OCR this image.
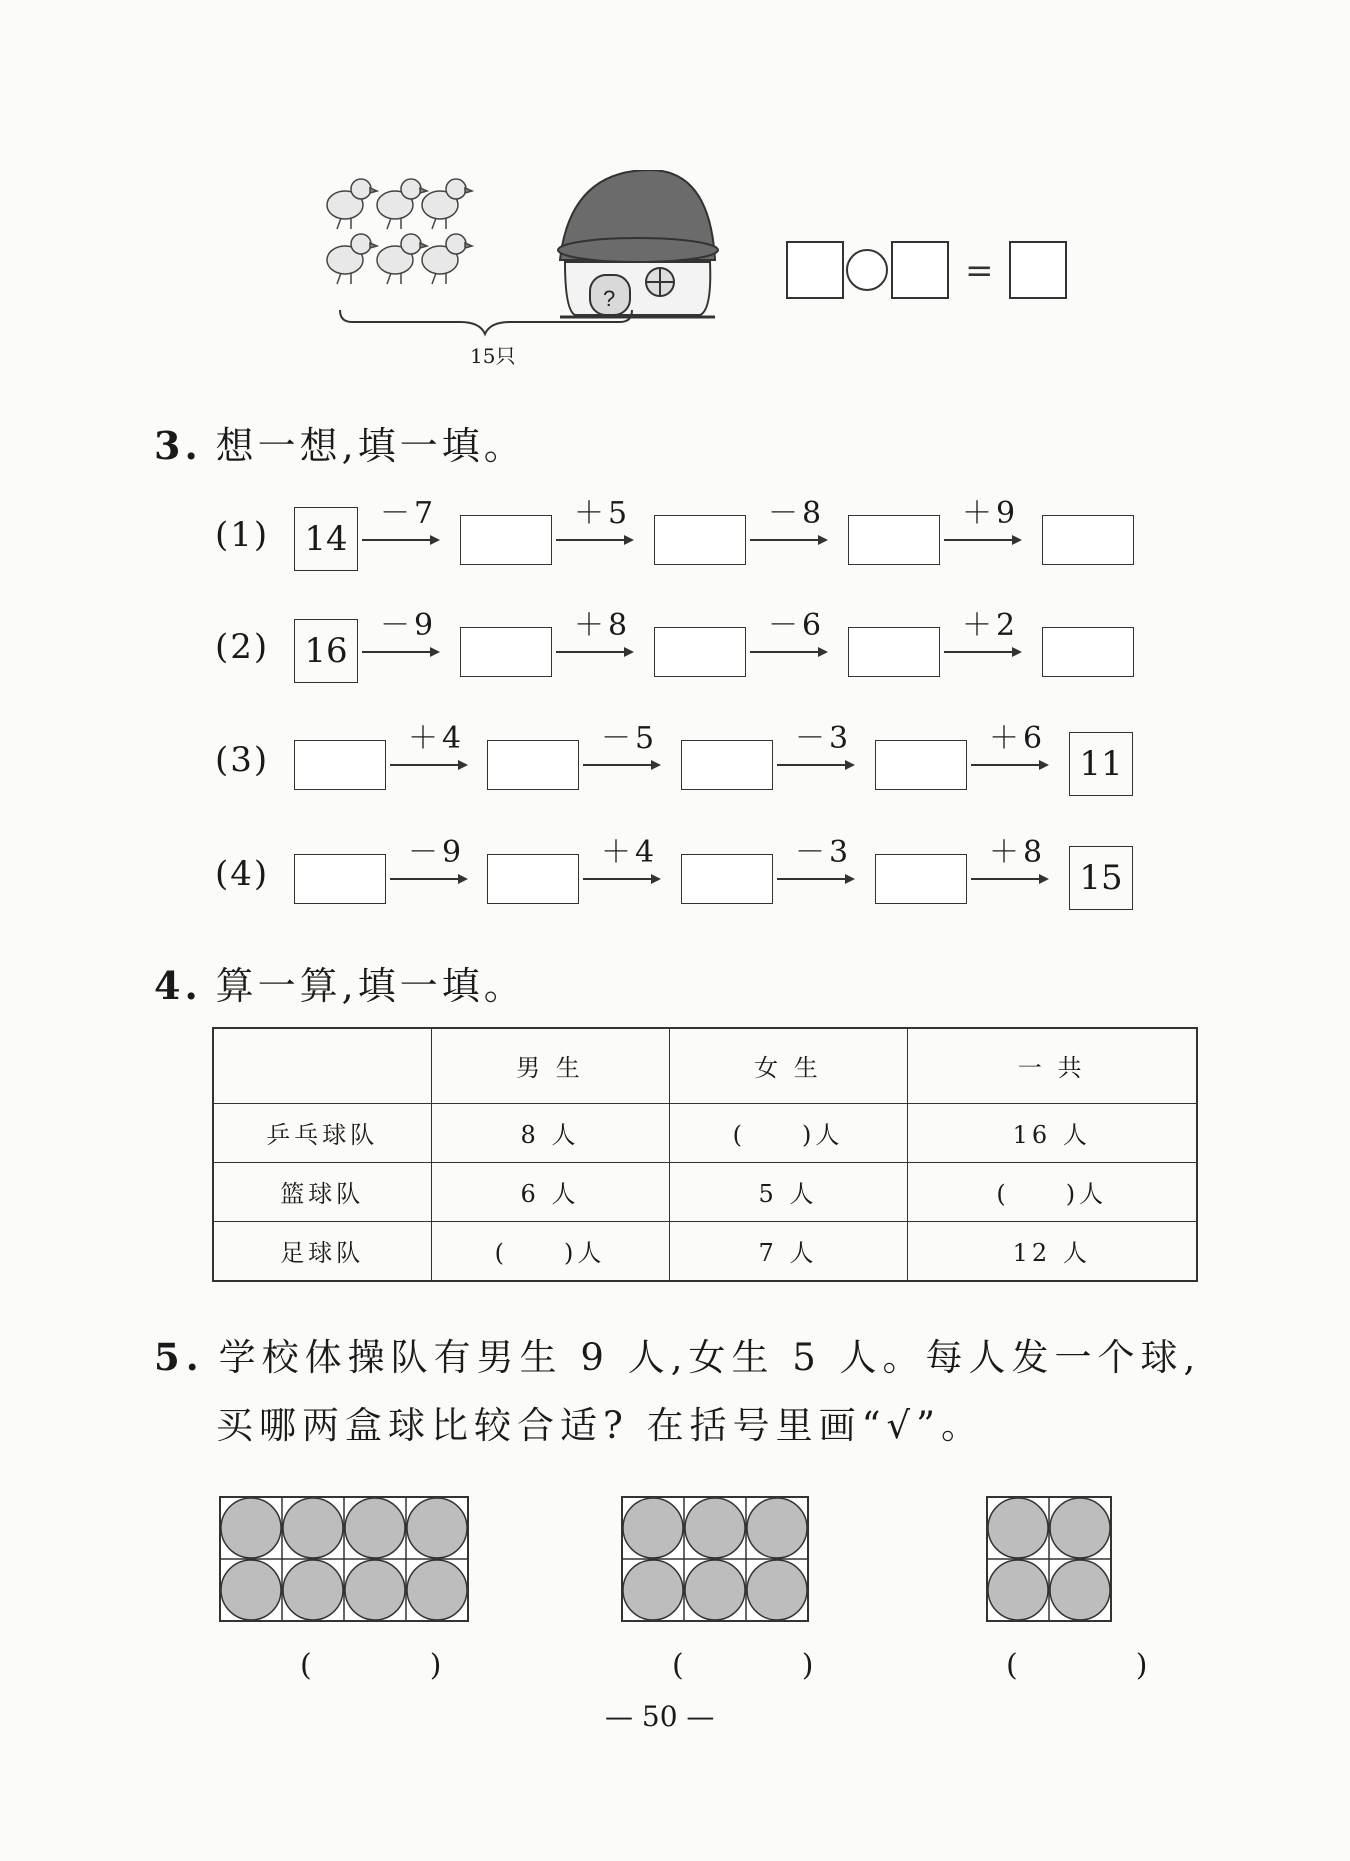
?
=
15只
3. 想一想,填一填。
(1)	14
－7	＋5	－8	＋9
(2)	16
－9	＋8	－6	＋2
(3)
＋4	－5	－3	＋6
11
(4)
－9	＋4	－3	＋8
15
4. 算一算,填一填。
	男 生	女 生	一 共
乒乓球队	8 人	(　　)人	16 人
篮球队	6 人	5 人	(　　)人
足球队	(　　)人	7 人	12 人
5. 学校体操队有男生 9 人,女生 5 人。每人发一个球,
买哪两盒球比较合适? 在括号里画“√”。
(　)	(　)	(　)
— 50 —
